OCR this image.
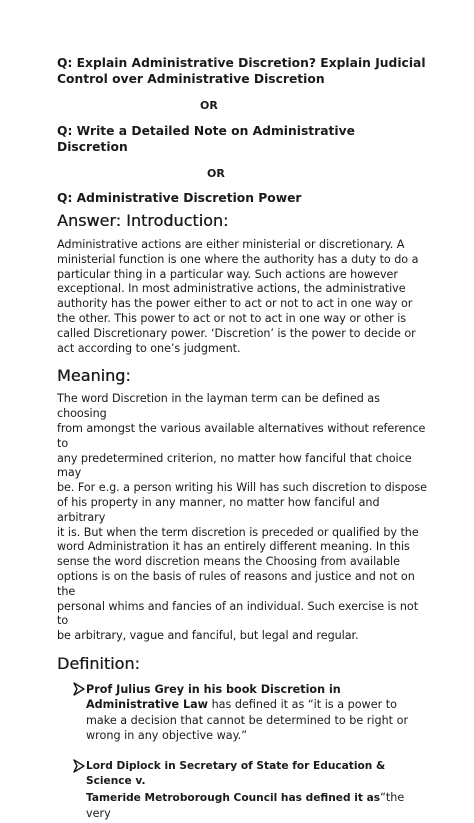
Q: Explain Administrative Discretion? Explain Judicial
Control over Administrative Discretion
OR
Q: Write a Detailed Note on Administrative Discretion
OR
Q: Administrative Discretion Power
Answer: Introduction:
Administrative actions are either ministerial or discretionary. A
ministerial function is one where the authority has a duty to do a
particular thing in a particular way. Such actions are however
exceptional. In most administrative actions, the administrative
authority has the power either to act or not to act in one way or
the other. This power to act or not to act in one way or other is
called Discretionary power. ‘Discretion’ is the power to decide or
act according to one’s judgment.
Meaning:
The word Discretion in the layman term can be defined as choosing
from amongst the various available alternatives without reference to
any predetermined criterion, no matter how fanciful that choice may
be. For e.g. a person writing his Will has such discretion to dispose
of his property in any manner, no matter how fanciful and arbitrary
it is. But when the term discretion is preceded or qualified by the
word Administration it has an entirely different meaning. In this
sense the word discretion means the Choosing from available
options is on the basis of rules of reasons and justice and not on the
personal whims and fancies of an individual. Such exercise is not to
be arbitrary, vague and fanciful, but legal and regular.
Definition:
Prof Julius Grey in his book Discretion in
Administrative Law has defined it as “it is a power to
make a decision that cannot be determined to be right or
wrong in any objective way.”
Lord Diplock in Secretary of State for Education & Science v.
Tameride Metroborough Council has defined it as“the very
